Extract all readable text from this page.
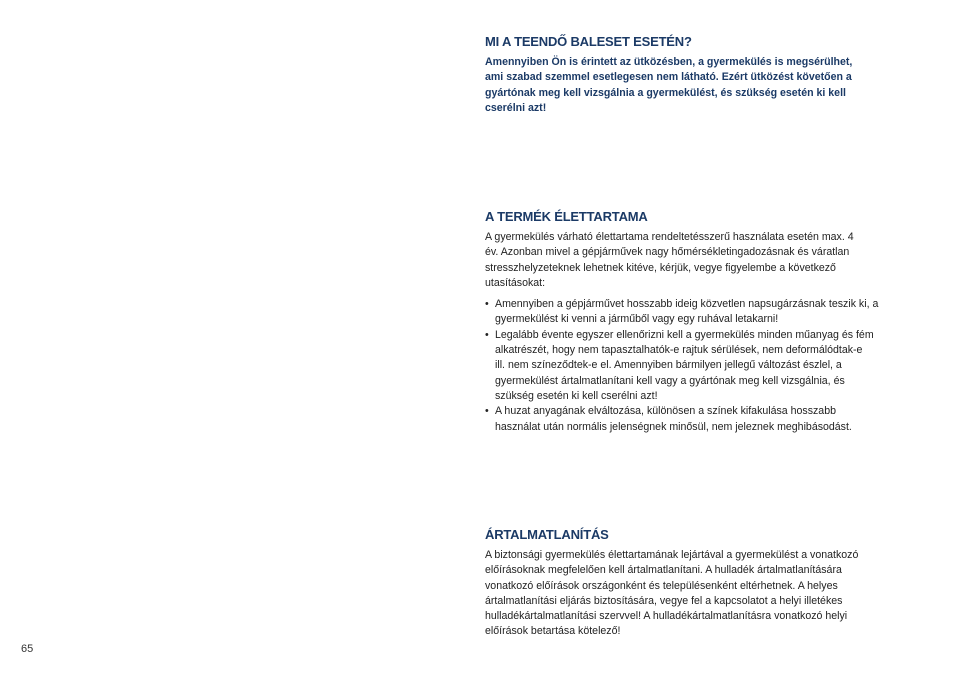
MI A TEENDŐ BALESET ESETÉN?
Amennyiben Ön is érintett az ütközésben, a gyermekülés is megsérülhet,
ami szabad szemmel esetlegesen nem látható. Ezért ütközést követően a
gyártónak meg kell vizsgálnia a gyermekülést, és szükség esetén ki kell
cserélni azt!
A TERMÉK ÉLETTARTAMA
A gyermekülés várható élettartama rendeltetésszerű használata esetén max. 4
év. Azonban mivel a gépjárművek nagy hőmérsékletingadozásnak és váratlan
stresszhelyzeteknek lehetnek kitéve, kérjük, vegye figyelembe a következő
utasításokat:
• Amennyiben a gépjárművet hosszabb ideig közvetlen napsugárzásnak teszik ki, a
gyermekülést ki venni a járműből vagy egy ruhával letakarni!
• Legalább évente egyszer ellenőrizni kell a gyermekülés minden műanyag és fém
alkatrészét, hogy nem tapasztalhatók-e rajtuk sérülések, nem deformálódtak-e
ill. nem színeződtek-e el. Amennyiben bármilyen jellegű változást észlel, a
gyermekülést ártalmatlanítani kell vagy a gyártónak meg kell vizsgálnia, és
szükség esetén ki kell cserélni azt!
• A huzat anyagának elváltozása, különösen a színek kifakulása hosszabb
használat után normális jelenségnek minősül, nem jeleznek meghibásodást.
ÁRTALMATLANÍTÁS
A biztonsági gyermekülés élettartamának lejártával a gyermekülést a vonatkozó
előírásoknak megfelelően kell ártalmatlanítani. A hulladék ártalmatlanítására
vonatkozó előírások országonként és településenként eltérhetnek. A helyes
ártalmatlanítási eljárás biztosítására, vegye fel a kapcsolatot a helyi illetékes
hulladékártalmatlanítási szervvel! A hulladékártalmatlanításra vonatkozó helyi
előírások betartása kötelező!
65
